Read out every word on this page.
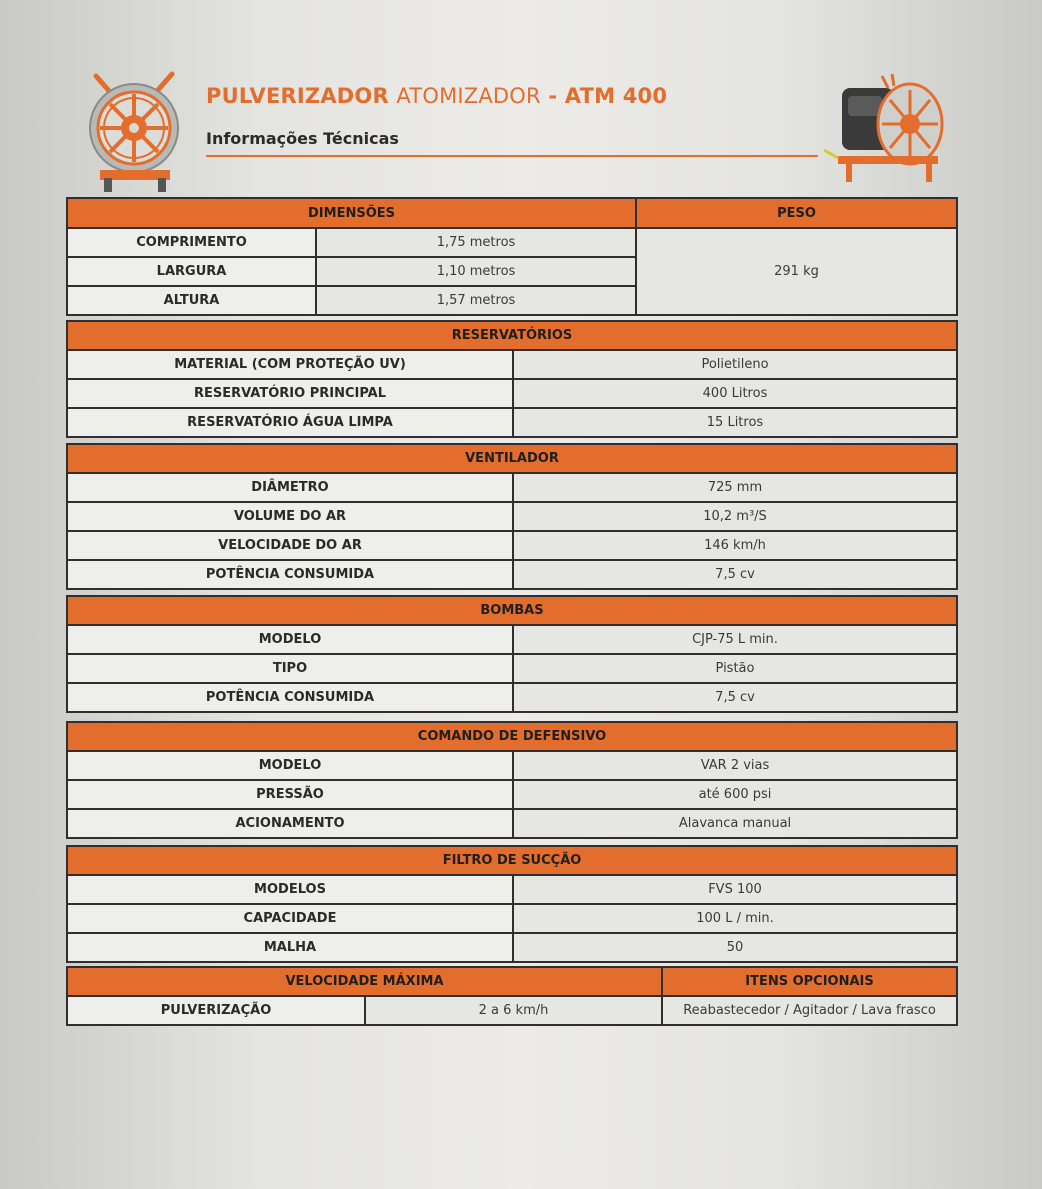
PULVERIZADOR ATOMIZADOR - ATM 400
Informações Técnicas
DIMENSÕES	PESO
COMPRIMENTO	1,75 metros
LARGURA	1,10 metros
ALTURA	1,57 metros
291 kg
RESERVATÓRIOS
MATERIAL (COM PROTEÇÃO UV)	Polietileno
RESERVATÓRIO PRINCIPAL	400 Litros
RESERVATÓRIO ÁGUA LIMPA	15 Litros
VENTILADOR
DIÂMETRO	725 mm
VOLUME DO AR	10,2 m³/S
VELOCIDADE DO AR	146 km/h
POTÊNCIA CONSUMIDA	7,5 cv
BOMBAS
MODELO	CJP-75 L min.
TIPO	Pistão
POTÊNCIA CONSUMIDA	7,5 cv
COMANDO DE DEFENSIVO
MODELO	VAR 2 vias
PRESSÃO	até 600 psi
ACIONAMENTO	Alavanca manual
FILTRO DE SUCÇÃO
MODELOS	FVS 100
CAPACIDADE	100 L / min.
MALHA	50
VELOCIDADE MÁXIMA	ITENS OPCIONAIS
PULVERIZAÇÃO	2 a 6 km/h	Reabastecedor / Agitador / Lava frasco
